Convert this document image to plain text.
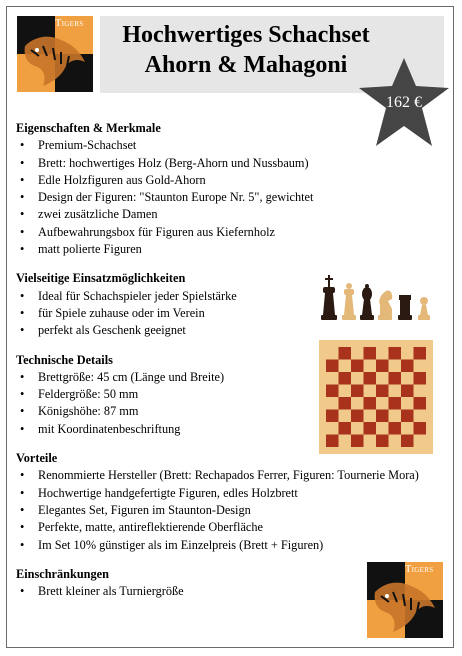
Chess Tigers	Hochwertiges Schachset
Ahorn & Mahagoni
162 €

Eigenschaften & Merkmale

• Premium-Schachset
• Brett: hochwertiges Holz (Berg-Ahorn und Nussbaum)
• Edle Holzfiguren aus Gold-Ahorn
• Design der Figuren: "Staunton Europe Nr. 5", gewichtet
• zwei zusätzliche Damen
• Aufbewahrungsbox für Figuren aus Kiefernholz
• matt polierte Figuren

Vielseitige Einsatzmöglichkeiten

• Ideal für Schachspieler jeder Spielstärke
• für Spiele zuhause oder im Verein
• perfekt als Geschenk geeignet

Technische Details

• Brettgröße: 45 cm (Länge und Breite)
• Feldergröße: 50 mm
• Königshöhe: 87 mm
• mit Koordinatenbeschriftung

Vorteile

• Renommierte Hersteller (Brett: Rechapados Ferrer, Figuren: Tournerie Mora)
• Hochwertige handgefertigte Figuren, edles Holzbrett
• Elegantes Set, Figuren im Staunton-Design
• Perfekte, matte, antireflektierende Oberfläche
• Im Set 10% günstiger als im Einzelpreis (Brett + Figuren)

Einschränkungen

• Brett kleiner als Turniergröße
Chess Tigers
